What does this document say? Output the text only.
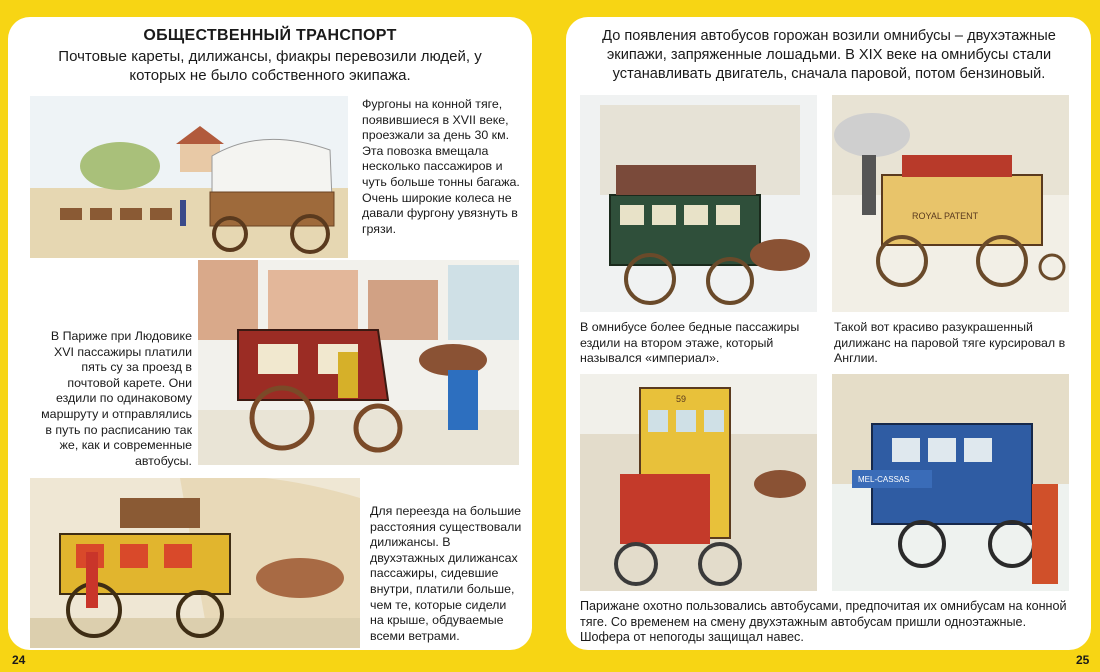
ОБЩЕСТВЕННЫЙ ТРАНСПОРТ
Почтовые кареты, дилижансы, фиакры перевозили людей, у которых не было собственного экипажа.
Фургоны на конной тяге, появившиеся в XVII веке, проезжали за день 30 км. Эта повозка вмещала несколько пассажиров и чуть больше тонны багажа. Очень широкие колеса не давали фургону увязнуть в грязи.
В Париже при Людовике XVI пассажиры платили пять су за проезд в почтовой карете. Они ездили по одинаковому маршруту и отправлялись в путь по расписанию так же, как и современные автобусы.
Для переезда на большие расстояния существовали дилижансы. В двухэтажных дилижансах пассажиры, сидевшие внутри, платили больше, чем те, которые сидели на крыше, обдуваемые всеми ветрами.
До появления автобусов горожан возили омнибусы – двухэтажные экипажи, запряженные лошадьми. В XIX веке на омнибусы стали устанавливать двигатель, сначала паровой, потом бензиновый.
В омнибусе более бедные пассажиры ездили на втором этаже, который назывался «империал».
ROYAL PATENT
Такой вот красиво разукрашенный дилижанс на паровой тяге курсировал в Англии.
59
MEL-CASSAS
Парижане охотно пользовались автобусами, предпочитая их омнибусам на конной тяге. Со временем на смену двухэтажным автобусам пришли одноэтажные. Шофера от непогоды защищал навес.
24	25
